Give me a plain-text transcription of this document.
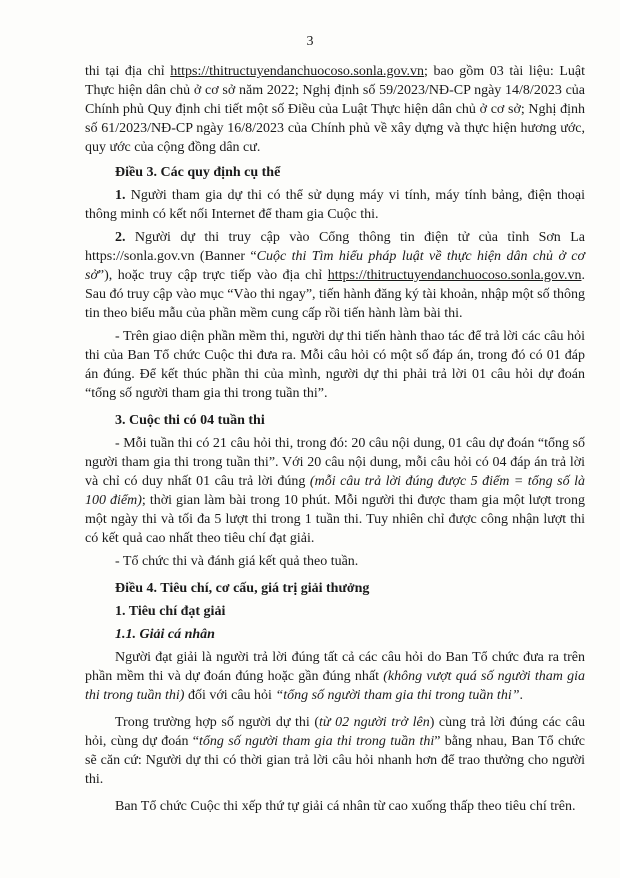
3

thi tại địa chỉ https://thitructuyendanchuocoso.sonla.gov.vn; bao gồm 03 tài liệu: Luật Thực hiện dân chủ ở cơ sở năm 2022; Nghị định số 59/2023/NĐ-CP ngày 14/8/2023 của Chính phủ Quy định chi tiết một số Điều của Luật Thực hiện dân chủ ở cơ sở; Nghị định số 61/2023/NĐ-CP ngày 16/8/2023 của Chính phủ về xây dựng và thực hiện hương ước, quy ước của cộng đồng dân cư.

Điều 3. Các quy định cụ thể

1. Người tham gia dự thi có thể sử dụng máy vi tính, máy tính bảng, điện thoại thông minh có kết nối Internet để tham gia Cuộc thi.

2. Người dự thi truy cập vào Cổng thông tin điện tử của tỉnh Sơn La https://sonla.gov.vn (Banner “Cuộc thi Tìm hiểu pháp luật về thực hiện dân chủ ở cơ sở”), hoặc truy cập trực tiếp vào địa chỉ https://thitructuyendanchuocoso.sonla.gov.vn. Sau đó truy cập vào mục “Vào thi ngay”, tiến hành đăng ký tài khoản, nhập một số thông tin theo biểu mẫu của phần mềm cung cấp rồi tiến hành làm bài thi.

- Trên giao diện phần mềm thi, người dự thi tiến hành thao tác để trả lời các câu hỏi thi của Ban Tổ chức Cuộc thi đưa ra. Mỗi câu hỏi có một số đáp án, trong đó có 01 đáp án đúng. Để kết thúc phần thi của mình, người dự thi phải trả lời 01 câu hỏi dự đoán “tổng số người tham gia thi trong tuần thi”.

3. Cuộc thi có 04 tuần thi

- Mỗi tuần thi có 21 câu hỏi thi, trong đó: 20 câu nội dung, 01 câu dự đoán “tổng số người tham gia thi trong tuần thi”. Với 20 câu nội dung, mỗi câu hỏi có 04 đáp án trả lời và chỉ có duy nhất 01 câu trả lời đúng (mỗi câu trả lời đúng được 5 điểm = tổng số là 100 điểm); thời gian làm bài trong 10 phút. Mỗi người thi được tham gia một lượt trong một ngày thi và tối đa 5 lượt thi trong 1 tuần thi. Tuy nhiên chỉ được công nhận lượt thi có kết quả cao nhất theo tiêu chí đạt giải.

- Tổ chức thi và đánh giá kết quả theo tuần.

Điều 4. Tiêu chí, cơ cấu, giá trị giải thưởng

1. Tiêu chí đạt giải

1.1. Giải cá nhân

Người đạt giải là người trả lời đúng tất cả các câu hỏi do Ban Tổ chức đưa ra trên phần mềm thi và dự đoán đúng hoặc gần đúng nhất (không vượt quá số người tham gia thi trong tuần thi) đối với câu hỏi “tổng số người tham gia thi trong tuần thi”.

Trong trường hợp số người dự thi (từ 02 người trở lên) cùng trả lời đúng các câu hỏi, cùng dự đoán “tổng số người tham gia thi trong tuần thi” bằng nhau, Ban Tổ chức sẽ căn cứ: Người dự thi có thời gian trả lời câu hỏi nhanh hơn để trao thưởng cho người thi.

Ban Tổ chức Cuộc thi xếp thứ tự giải cá nhân từ cao xuống thấp theo tiêu chí trên.
